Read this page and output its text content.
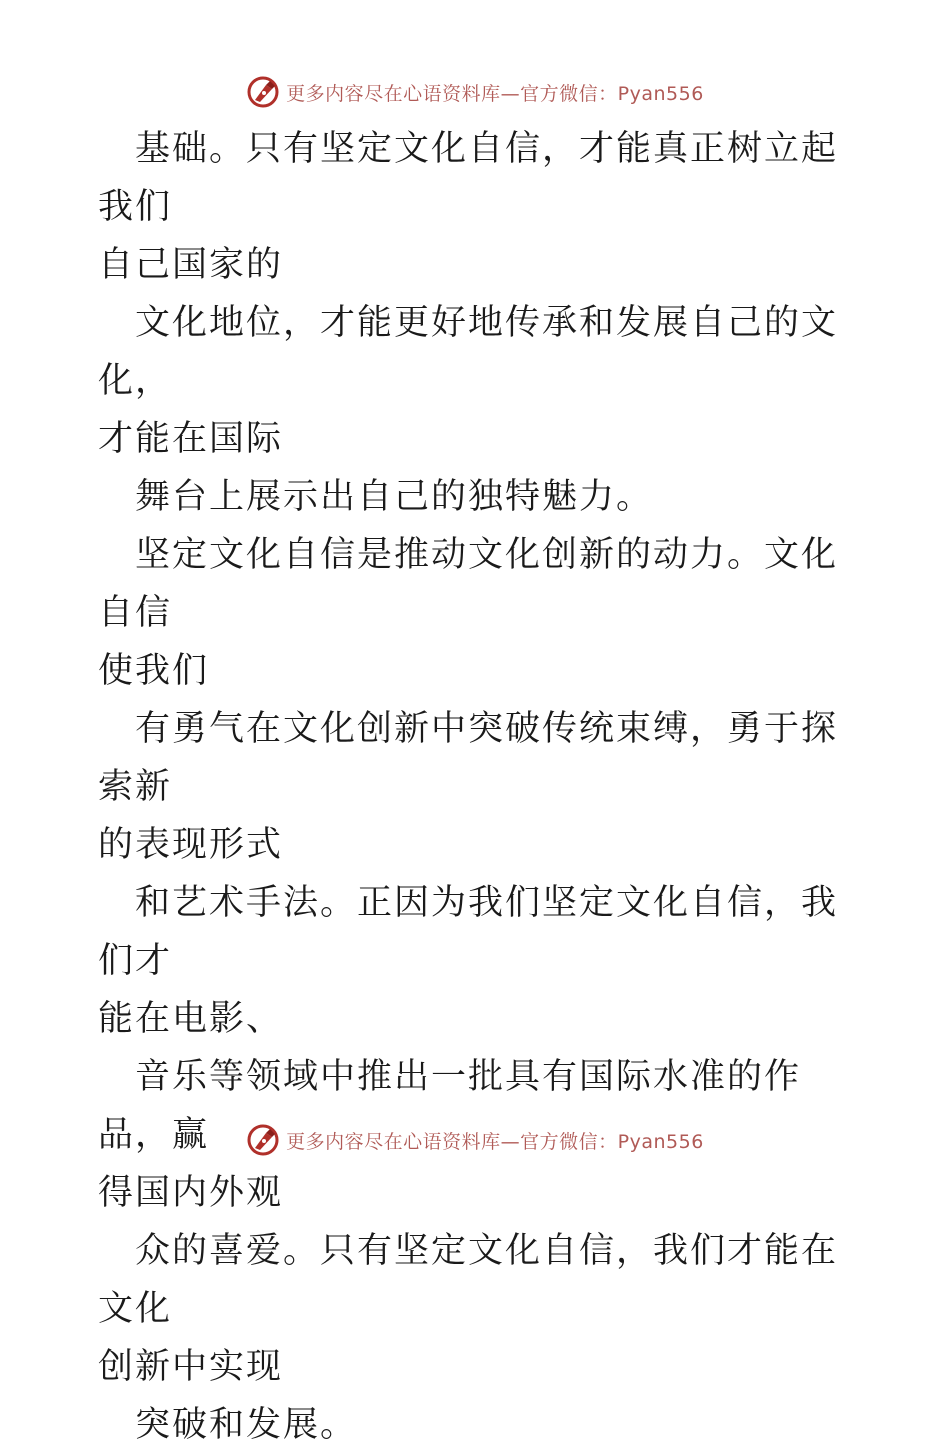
更多内容尽在心语资料库—官方微信：Pyan556

基础。只有坚定文化自信，才能真正树立起我们
自己国家的

文化地位，才能更好地传承和发展自己的文化，
才能在国际

舞台上展示出自己的独特魅力。

坚定文化自信是推动文化创新的动力。文化自信
使我们

有勇气在文化创新中突破传统束缚，勇于探索新
的表现形式

和艺术手法。正因为我们坚定文化自信，我们才
能在电影、

音乐等领域中推出一批具有国际水准的作品，赢
得国内外观

众的喜爱。只有坚定文化自信，我们才能在文化
创新中实现

突破和发展。

更多内容尽在心语资料库—官方微信：Pyan556
